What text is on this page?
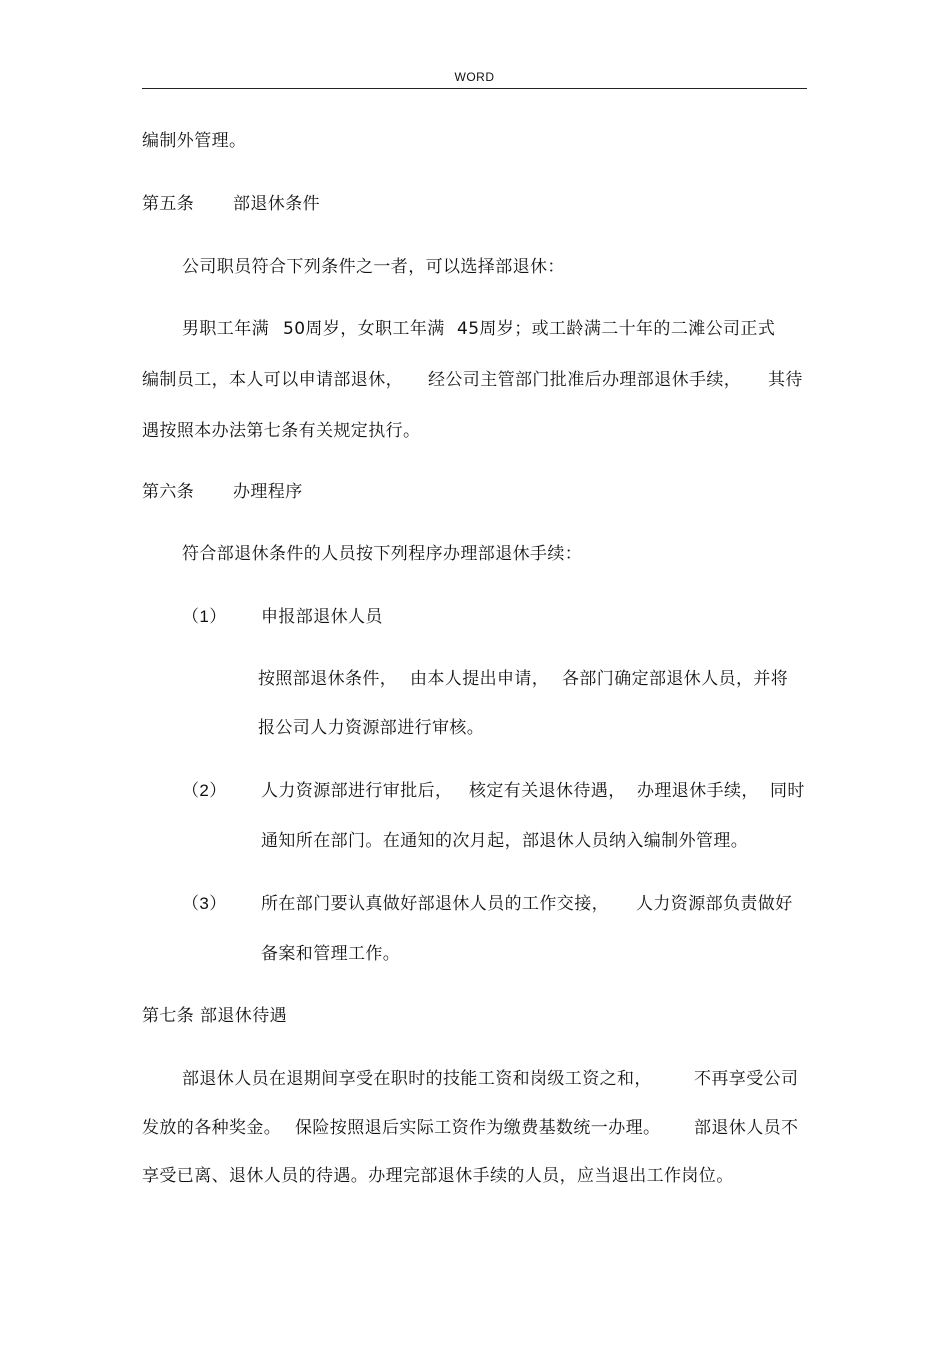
WORD
编制外管理。
第五条 部退休条件
公司职员符合下列条件之一者，可以选择部退休：
男职工年满 50周岁，女职工年满 45周岁；或工龄满二十年的二滩公司正式
编制员工，本人可以申请部退休， 经公司主管部门批准后办理部退休手续， 其待
遇按照本办法第七条有关规定执行。
第六条 办理程序
符合部退休条件的人员按下列程序办理部退休手续：
（1） 申报部退休人员
按照部退休条件， 由本人提出申请， 各部门确定部退休人员，并将
报公司人力资源部进行审核。
（2） 人力资源部进行审批后， 核定有关退休待遇， 办理退休手续， 同时
通知所在部门。在通知的次月起，部退休人员纳入编制外管理。
（3） 所在部门要认真做好部退休人员的工作交接， 人力资源部负责做好
备案和管理工作。
第七条 部退休待遇
部退休人员在退期间享受在职时的技能工资和岗级工资之和， 不再享受公司
发放的各种奖金。 保险按照退后实际工资作为缴费基数统一办理。 部退休人员不
享受已离、退休人员的待遇。办理完部退休手续的人员，应当退出工作岗位。
